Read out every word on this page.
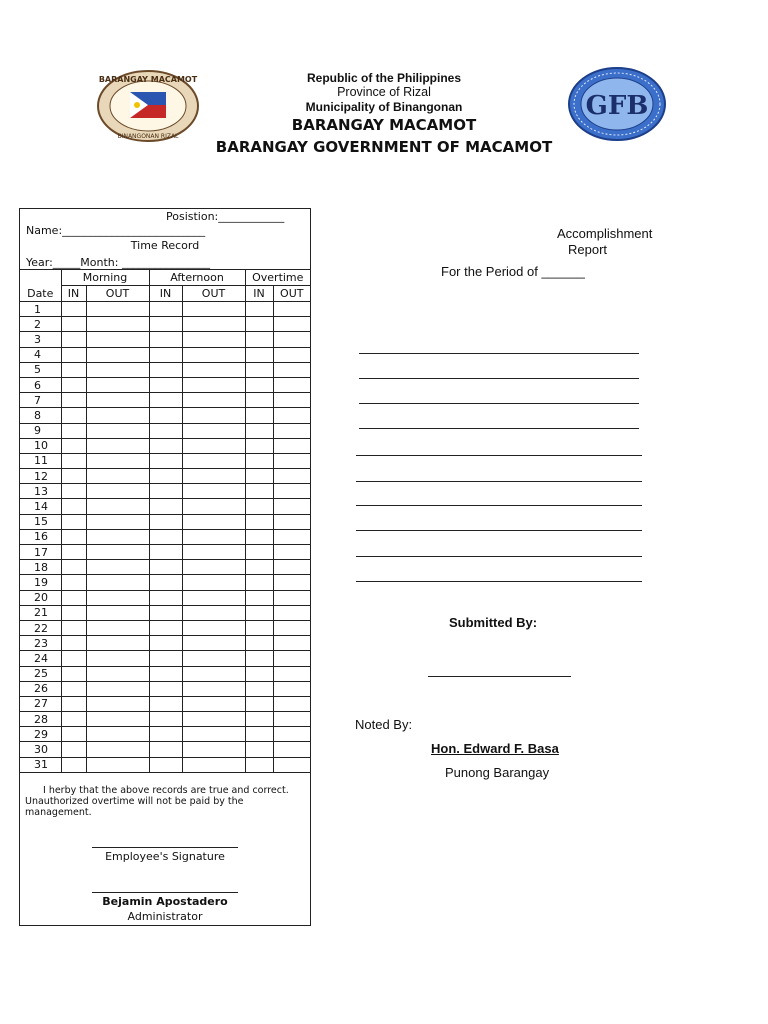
Republic of the Philippines
Province of Rizal
Municipality of Binangonan
BARANGAY MACAMOT
BARANGAY GOVERNMENT OF MACAMOT
BARANGAY MACAMOT
BINANGONAN RIZAL
GFB
Posistion:____________
Name:__________________________
Time Record
Year:_____Month: ________________
	Morning		Afternoon		Overtime	
Date	IN	OUT	IN	OUT	IN	OUT
1						
2						
3						
4						
5						
6						
7						
8						
9						
10						
11						
12						
13						
14						
15						
16						
17						
18						
19						
20						
21						
22						
23						
24						
25						
26						
27						
28						
29						
30						
31						
I herby that the above records are true and correct.
Unauthorized overtime will not be paid by the
management.
Employee's Signature
Bejamin Apostadero
Administrator
Accomplishment
Report
For the Period of ______
Submitted By:
Noted By:
Hon. Edward F. Basa
Punong Barangay
